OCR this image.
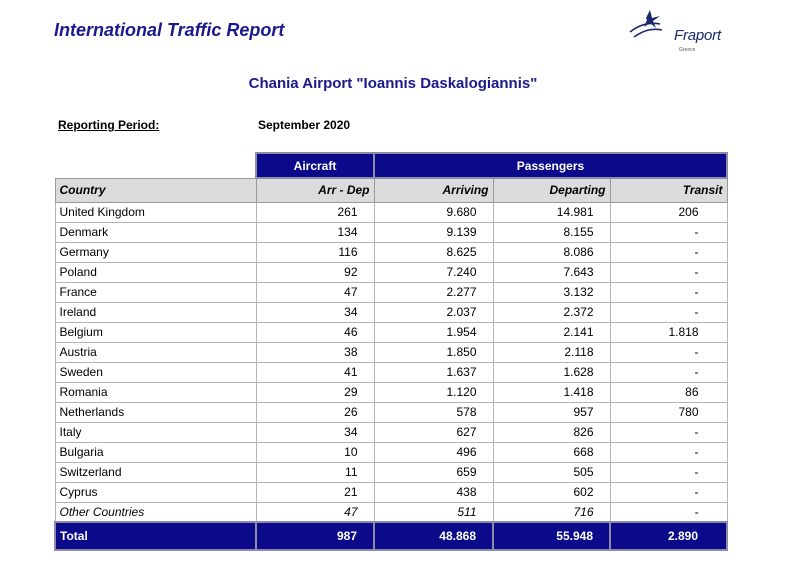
International Traffic Report	Fraport
Greece
Chania Airport "Ioannis Daskalogiannis"
Reporting Period:	September 2020
	Aircraft	Passengers		
Country	Arr - Dep	Arriving	Departing	Transit
United Kingdom	261	9.680	14.981	206
Denmark	134	9.139	8.155	-
Germany	116	8.625	8.086	-
Poland	92	7.240	7.643	-
France	47	2.277	3.132	-
Ireland	34	2.037	2.372	-
Belgium	46	1.954	2.141	1.818
Austria	38	1.850	2.118	-
Sweden	41	1.637	1.628	-
Romania	29	1.120	1.418	86
Netherlands	26	578	957	780
Italy	34	627	826	-
Bulgaria	10	496	668	-
Switzerland	11	659	505	-
Cyprus	21	438	602	-
Other Countries	47	511	716	-
Total	987	48.868	55.948	2.890
